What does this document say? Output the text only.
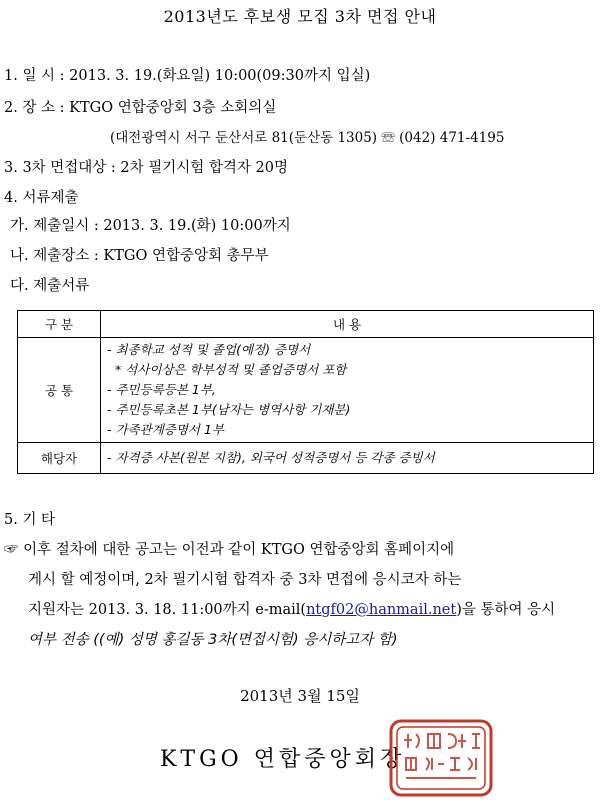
2013년도 후보생 모집 3차 면접 안내
1. 일 시 : 2013. 3. 19.(화요일) 10:00(09:30까지 입실)
2. 장 소 : KTGO 연합중앙회 3층 소회의실
(대전광역시 서구 둔산서로 81(둔산동 1305) ☏ (042) 471-4195
3. 3차 면접대상 : 2차 필기시험 합격자 20명
4. 서류제출
가. 제출일시 : 2013. 3. 19.(화) 10:00까지
나. 제출장소 : KTGO 연합중앙회 총무부
다. 제출서류
구 분	내 용
공 통	- 최종학교 성적 및 졸업(예정) 증명서
* 석사이상은 학부성적 및 졸업증명서 포함
- 주민등록등본 1부,
- 주민등록초본 1부(남자는 병역사항 기재분)
- 가족관계증명서 1부

해당자	- 자격증 사본(원본 지참), 외국어 성적증명서 등 각종 증빙서
5. 기 타
☞ 이후 절차에 대한 공고는 이전과 같이 KTGO 연합중앙회 홈페이지에
게시 할 예정이며, 2차 필기시험 합격자 중 3차 면접에 응시코자 하는
지원자는 2013. 3. 18. 11:00까지 e-mail(ntgf02@hanmail.net)을 통하여 응시
여부 전송 ((예) 성명 홍길동 3차(면접시험) 응시하고자 함)
2013년 3월 15일
KTGO 연합중앙회장
